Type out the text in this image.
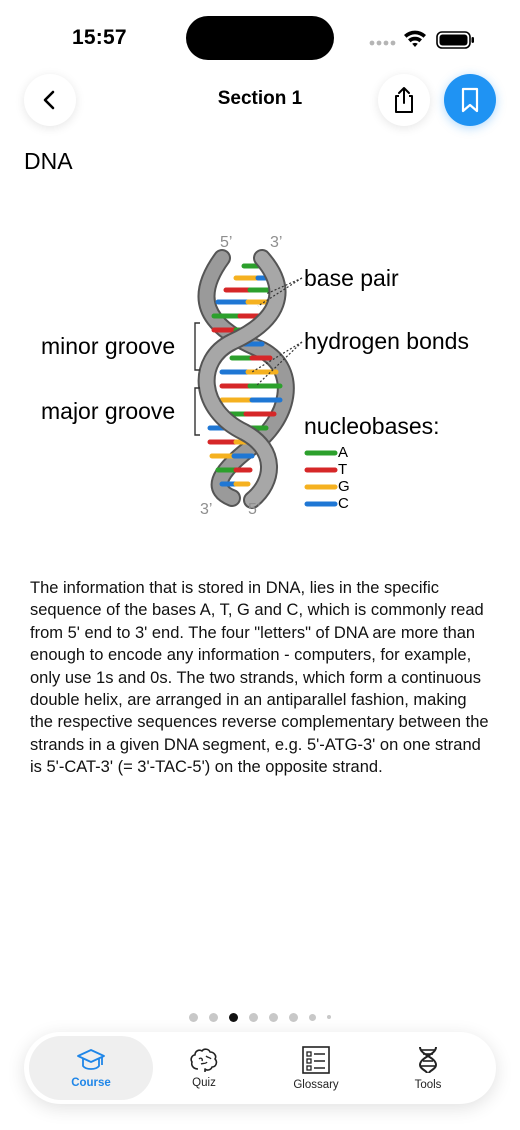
15:57
Section 1
DNA
5’ 3’
3’ 5’
base pair
hydrogen bonds
minor groove
major groove
nucleobases:
A
T
G
C
The information that is stored in DNA, lies in the specific sequence of the bases A, T, G and C, which is commonly read from 5' end to 3' end. The four "letters" of DNA are more than enough to encode any information - computers, for example, only use 1s and 0s. The two strands, which form a continuous double helix, are arranged in an antiparallel fashion, making the respective sequences reverse complementary between the strands in a given DNA segment, e.g. 5'-ATG-3' on one strand is 5'-CAT-3' (= 3'-TAC-5') on the opposite strand.
Course	Quiz	Glossary	Tools
